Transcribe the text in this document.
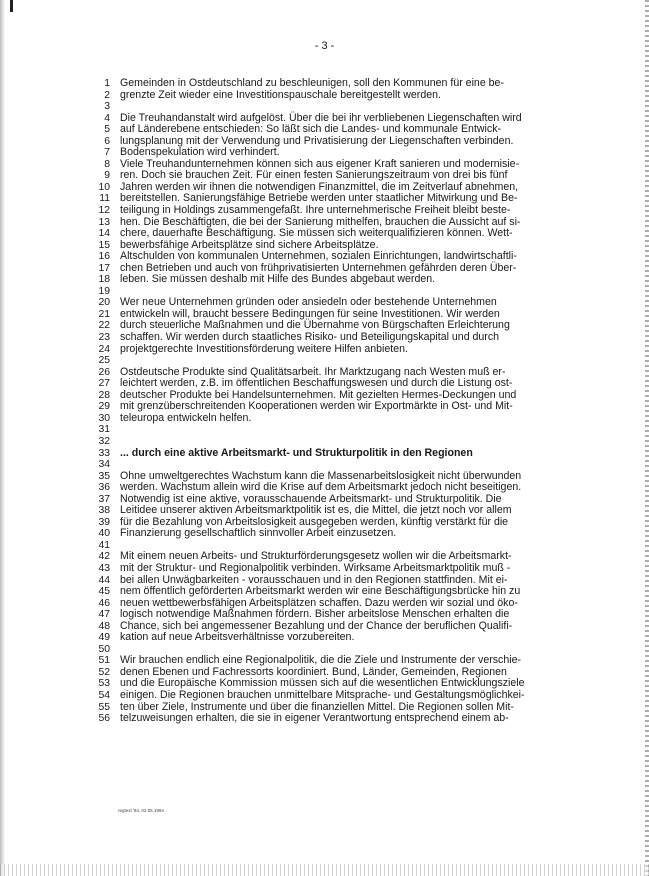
- 3 -
1 Gemeinden in Ostdeutschland zu beschleunigen, soll den Kommunen für eine be-
2 grenzte Zeit wieder eine Investitionspauschale bereitgestellt werden.
3
4 Die Treuhandanstalt wird aufgelöst. Über die bei ihr verbliebenen Liegenschaften wird
5 auf Länderebene entschieden: So läßt sich die Landes- und kommunale Entwick-
6 lungsplanung mit der Verwendung und Privatisierung der Liegenschaften verbinden.
7 Bodenspekulation wird verhindert.
8 Viele Treuhandunternehmen können sich aus eigener Kraft sanieren und modernisie-
9 ren. Doch sie brauchen Zeit. Für einen festen Sanierungszeitraum von drei bis fünf
10 Jahren werden wir ihnen die notwendigen Finanzmittel, die im Zeitverlauf abnehmen,
11 bereitstellen. Sanierungsfähige Betriebe werden unter staatlicher Mitwirkung und Be-
12 teiligung in Holdings zusammengefaßt. Ihre unternehmerische Freiheit bleibt beste-
13 hen. Die Beschäftigten, die bei der Sanierung mithelfen, brauchen die Aussicht auf si-
14 chere, dauerhafte Beschäftigung. Sie müssen sich weiterqualifizieren können. Wett-
15 bewerbsfähige Arbeitsplätze sind sichere Arbeitsplätze.
16 Altschulden von kommunalen Unternehmen, sozialen Einrichtungen, landwirtschaftli-
17 chen Betrieben und auch von frühprivatisierten Unternehmen gefährden deren Über-
18 leben. Sie müssen deshalb mit Hilfe des Bundes abgebaut werden.
19
20 Wer neue Unternehmen gründen oder ansiedeln oder bestehende Unternehmen
21 entwickeln will, braucht bessere Bedingungen für seine Investitionen. Wir werden
22 durch steuerliche Maßnahmen und die Übernahme von Bürgschaften Erleichterung
23 schaffen. Wir werden durch staatliches Risiko- und Beteiligungskapital und durch
24 projektgerechte Investitionsförderung weitere Hilfen anbieten.
25
26 Ostdeutsche Produkte sind Qualitätsarbeit. Ihr Marktzugang nach Westen muß er-
27 leichtert werden, z.B. im öffentlichen Beschaffungswesen und durch die Listung ost-
28 deutscher Produkte bei Handelsunternehmen. Mit gezielten Hermes-Deckungen und
29 mit grenzüberschreitenden Kooperationen werden wir Exportmärkte in Ost- und Mit-
30 teleuropa entwickeln helfen.
31
32
33 ... durch eine aktive Arbeitsmarkt- und Strukturpolitik in den Regionen
34
35 Ohne umweltgerechtes Wachstum kann die Massenarbeitslosigkeit nicht überwunden
36 werden. Wachstum allein wird die Krise auf dem Arbeitsmarkt jedoch nicht beseitigen.
37 Notwendig ist eine aktive, vorausschauende Arbeitsmarkt- und Strukturpolitik. Die
38 Leitidee unserer aktiven Arbeitsmarktpolitik ist es, die Mittel, die jetzt noch vor allem
39 für die Bezahlung von Arbeitslosigkeit ausgegeben werden, künftig verstärkt für die
40 Finanzierung gesellschaftlich sinnvoller Arbeit einzusetzen.
41
42 Mit einem neuen Arbeits- und Strukturförderungsgesetz wollen wir die Arbeitsmarkt-
43 mit der Struktur- und Regionalpolitik verbinden. Wirksame Arbeitsmarktpolitik muß -
44 bei allen Unwägbarkeiten - vorausschauen und in den Regionen stattfinden. Mit ei-
45 nem öffentlich geförderten Arbeitsmarkt werden wir eine Beschäftigungsbrücke hin zu
46 neuen wettbewerbsfähigen Arbeitsplätzen schaffen. Dazu werden wir sozial und öko-
47 logisch notwendige Maßnahmen fördern. Bisher arbeitslose Menschen erhalten die
48 Chance, sich bei angemessener Bezahlung und der Chance der beruflichen Qualifi-
49 kation auf neue Arbeitsverhältnisse vorzubereiten.
50
51 Wir brauchen endlich eine Regionalpolitik, die die Ziele und Instrumente der verschie-
52 denen Ebenen und Fachressorts koordiniert. Bund, Länder, Gemeinden, Regionen
53 und die Europäische Kommission müssen sich auf die wesentlichen Entwicklungsziele
54 einigen. Die Regionen brauchen unmittelbare Mitsprache- und Gestaltungsmöglichkei-
55 ten über Ziele, Instrumente und über die finanziellen Mittel. Die Regionen sollen Mit-
56 telzuweisungen erhalten, die sie in eigener Verantwortung entsprechend einem ab-
regtext '94, 02.05.1994
